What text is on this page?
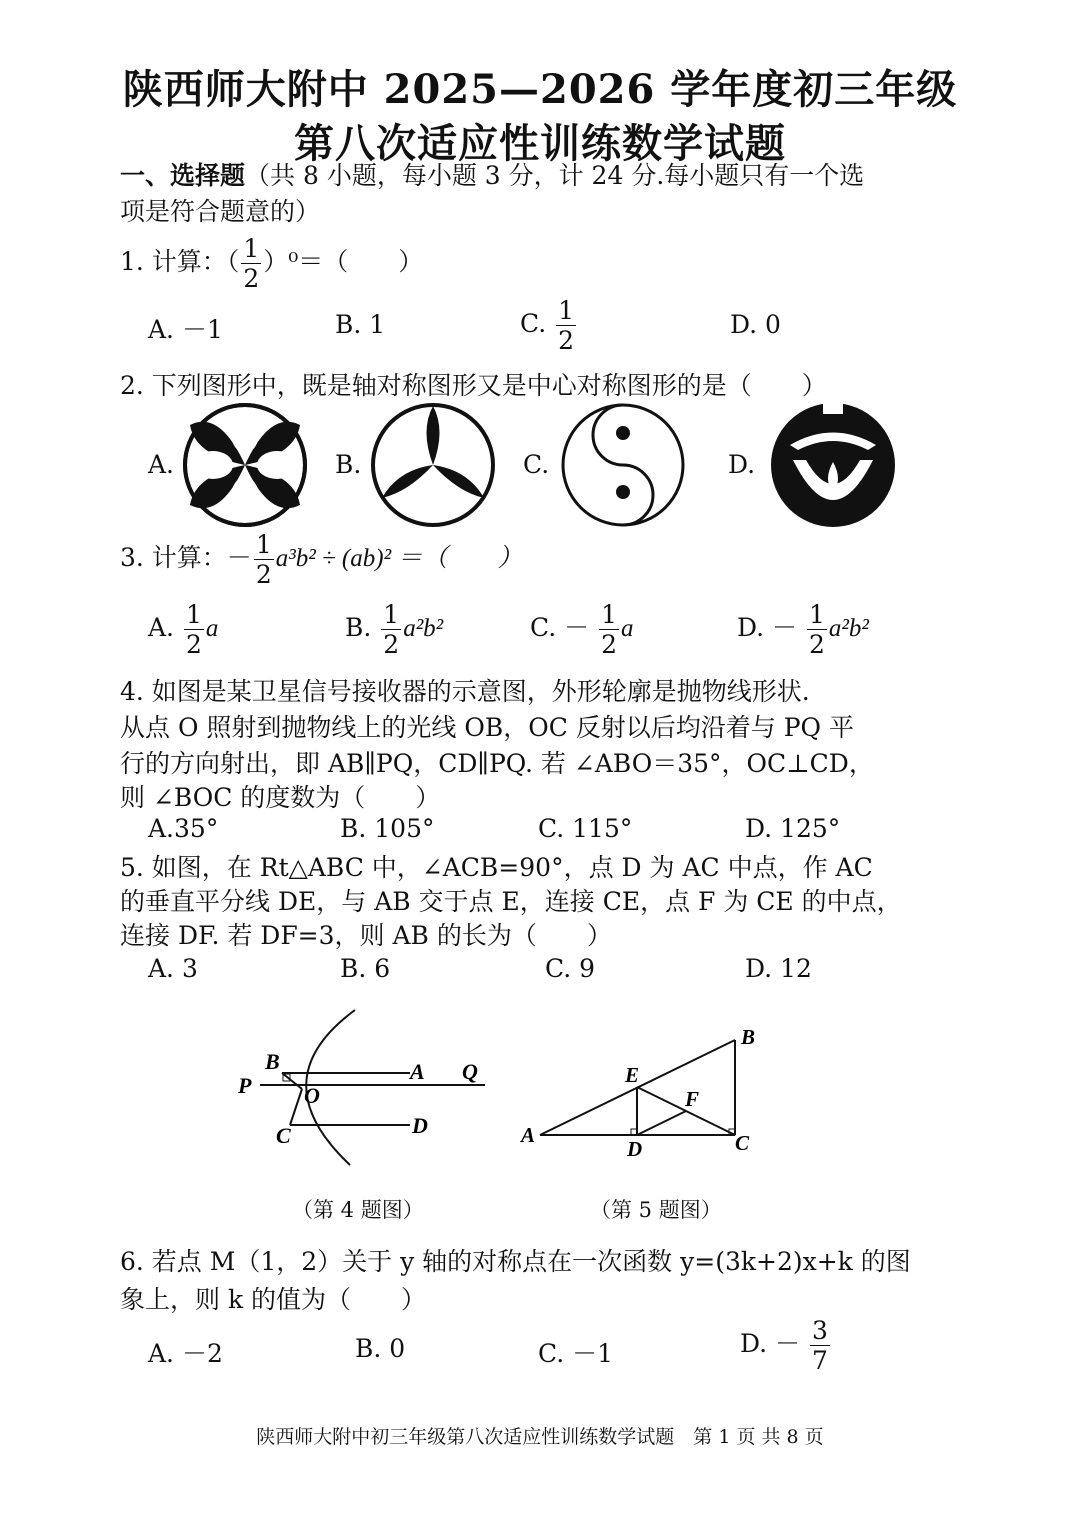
陕西师大附中 2025—2026 学年度初三年级
第八次适应性训练数学试题
一、选择题（共 8 小题，每小题 3 分，计 24 分.每小题只有一个选
项是符合题意的）
1. 计算：（ $\frac{1}{2} )^0=$（　　）
A. －1	B. 1	C. $\frac{1}{2}$	D. 0
2. 下列图形中，既是轴对称图形又是中心对称图形的是（　　）
A.	B.	C.	D.
3. 计算：－ $\frac{1}{2} a^3b^2 \div (ab)^2$ ＝（　　）
A. $\frac{1}{2}$ a	B. $\frac{1}{2} a^2b^2$	C. － $\frac{1}{2}$ a	D. － $\frac{1}{2} a^2b^2$
4. 如图是某卫星信号接收器的示意图，外形轮廓是抛物线形状.
从点 O 照射到抛物线上的光线 OB，OC 反射以后均沿着与 PQ 平
行的方向射出，即 AB∥PQ，CD∥PQ. 若 ∠ABO＝35°，OC⊥CD，
则 ∠BOC 的度数为（　　）
A.35°	B. 105°	C. 115°	D. 125°
5. 如图，在 Rt△ABC 中，∠ACB=90°，点 D 为 AC 中点，作 AC
的垂直平分线 DE，与 AB 交于点 E，连接 CE，点 F 为 CE 的中点，
连接 DF. 若 DF=3，则 AB 的长为（　　）
A. 3	B. 6	C. 9	D. 12
B	A Q
P O
C	D
B
E
F
A
D	C
（第 4 题图）	（第 5 题图）
6. 若点 M（1，2）关于 y 轴的对称点在一次函数 y=(3k+2)x+k 的图
象上，则 k 的值为（　　）
A. －2	B. 0	C. －1	D. － $\frac{3}{7}$
陕西师大附中初三年级第八次适应性训练数学试题　第 1 页 共 8 页
